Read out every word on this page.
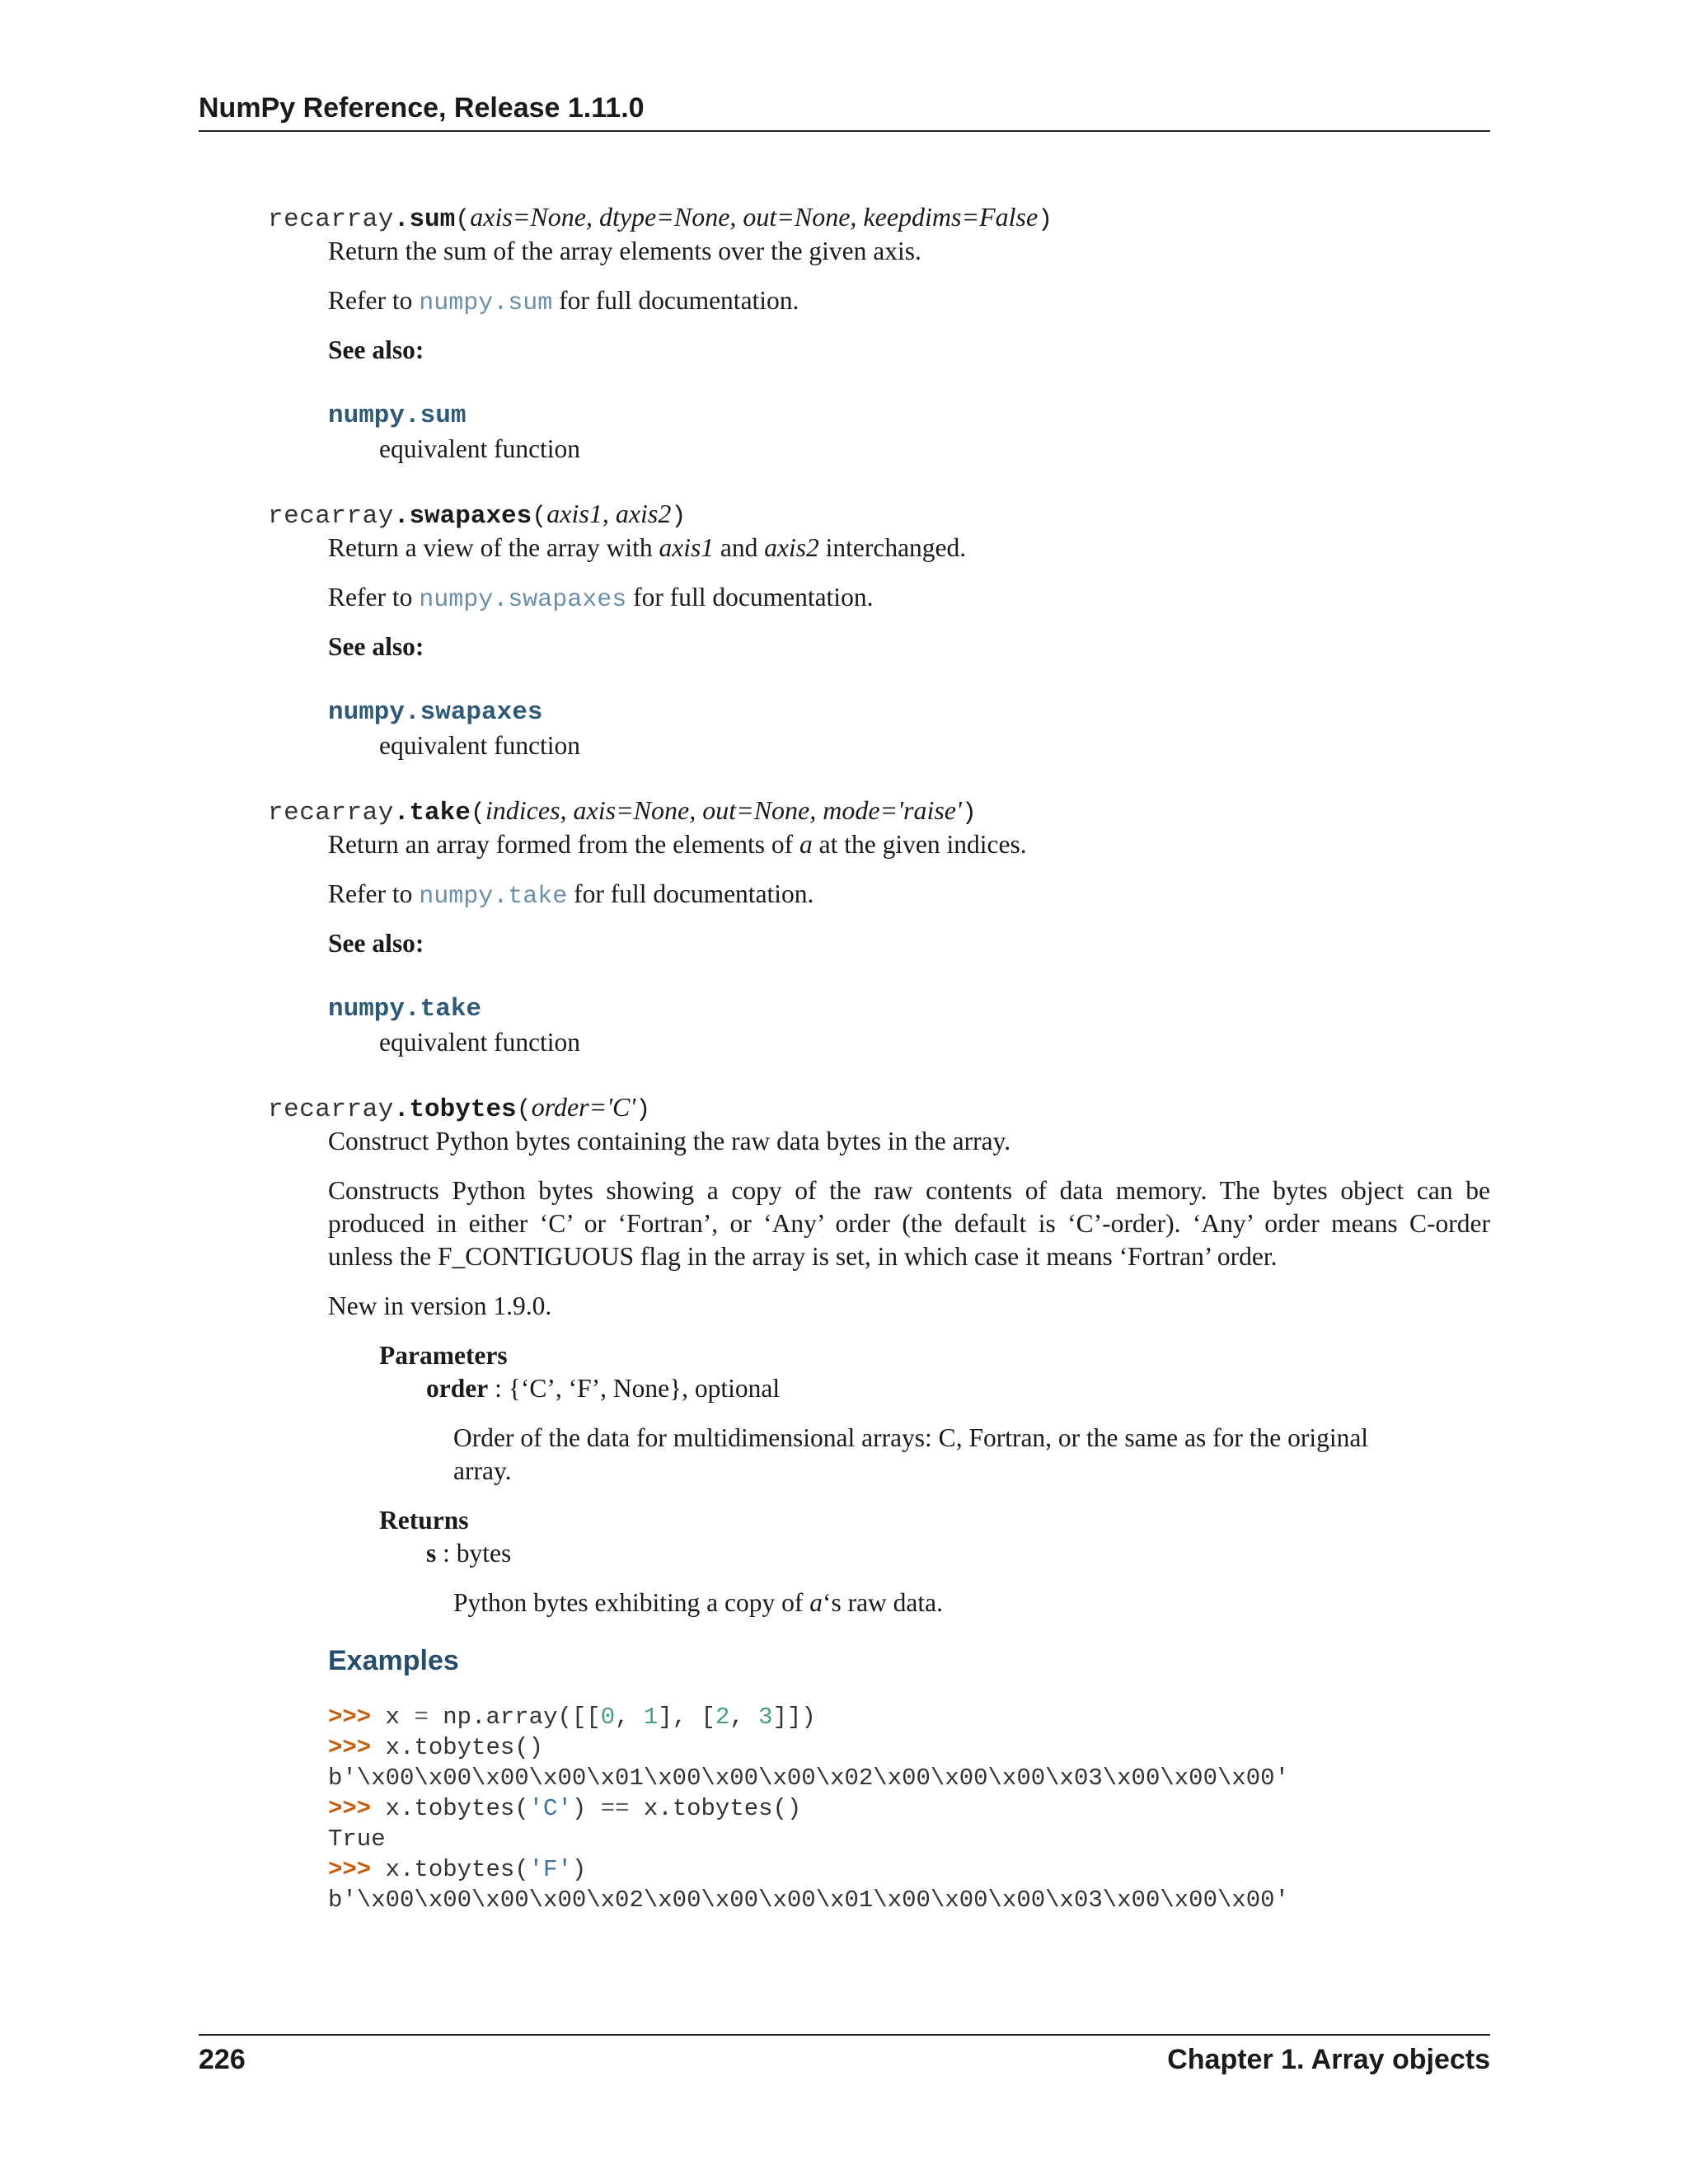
NumPy Reference, Release 1.11.0
recarray.sum(axis=None, dtype=None, out=None, keepdims=False)
Return the sum of the array elements over the given axis.
Refer to numpy.sum for full documentation.
See also:
numpy.sum
equivalent function
recarray.swapaxes(axis1, axis2)
Return a view of the array with axis1 and axis2 interchanged.
Refer to numpy.swapaxes for full documentation.
See also:
numpy.swapaxes
equivalent function
recarray.take(indices, axis=None, out=None, mode='raise')
Return an array formed from the elements of a at the given indices.
Refer to numpy.take for full documentation.
See also:
numpy.take
equivalent function
recarray.tobytes(order='C')
Construct Python bytes containing the raw data bytes in the array.
Constructs Python bytes showing a copy of the raw contents of data memory. The bytes object can be
produced in either ‘C’ or ‘Fortran’, or ‘Any’ order (the default is ‘C’-order). ‘Any’ order means C-order
unless the F_CONTIGUOUS flag in the array is set, in which case it means ‘Fortran’ order.
New in version 1.9.0.
Parameters
order : {‘C’, ‘F’, None}, optional
Order of the data for multidimensional arrays: C, Fortran, or the same as for the original
array.
Returns
s : bytes
Python bytes exhibiting a copy of a‘s raw data.
Examples
>>> x = np.array([[0, 1], [2, 3]])
>>> x.tobytes()
b'\x00\x00\x00\x00\x01\x00\x00\x00\x02\x00\x00\x00\x03\x00\x00\x00'
>>> x.tobytes('C') == x.tobytes()
True
>>> x.tobytes('F')
b'\x00\x00\x00\x00\x02\x00\x00\x00\x01\x00\x00\x00\x03\x00\x00\x00'
226	Chapter 1. Array objects
